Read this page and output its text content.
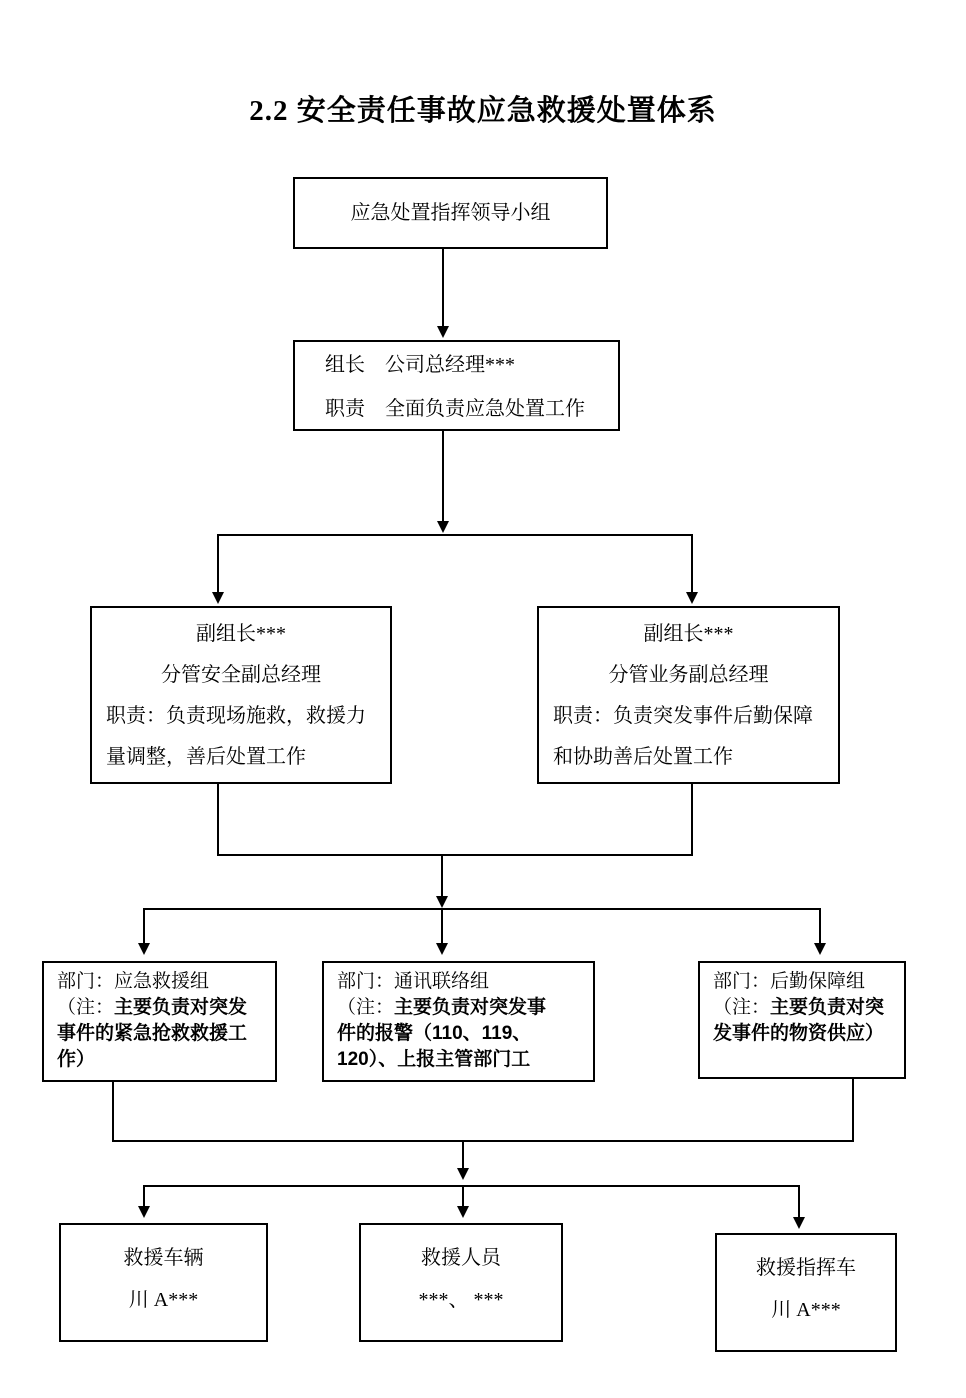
2.2 安全责任事故应急救援处置体系
应急处置指挥领导小组
组长　公司总经理***
职责　全面负责应急处置工作
副组长***
分管安全副总经理
职责：负责现场施救，救援力
量调整，善后处置工作
副组长***
分管业务副总经理
职责：负责突发事件后勤保障
和协助善后处置工作
部门：应急救援组
（注：主要负责对突发
事件的紧急抢救救援工
作）
部门：通讯联络组
（注：主要负责对突发事
件的报警（110、119、
120）、上报主管部门工
部门：后勤保障组
（注：主要负责对突
发事件的物资供应）
救援车辆
川 A***
救援人员
***、 ***
救援指挥车
川 A***
